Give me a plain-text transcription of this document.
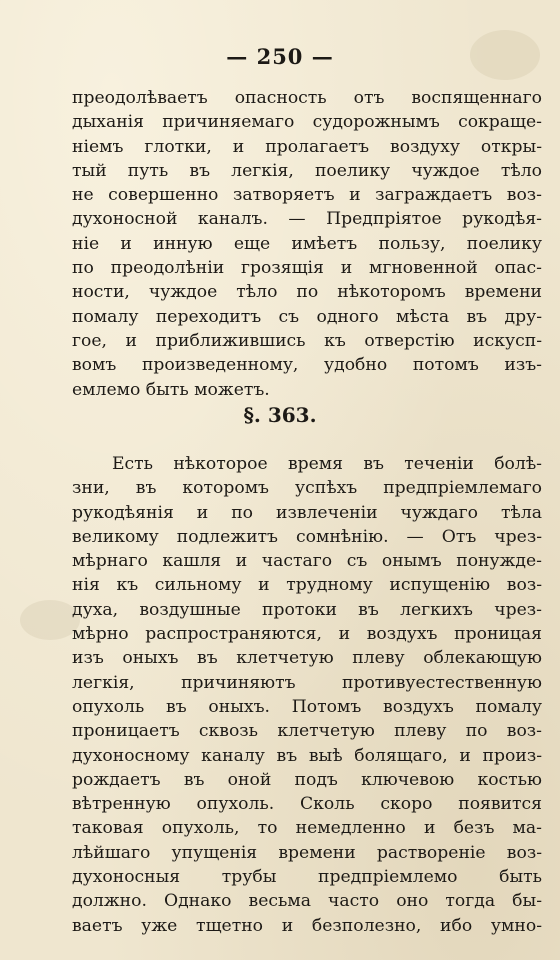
— 250 —
преодолѣваетъ опасность отъ воспященнаго
дыханія причиняемаго судорожнымъ сокраще-
ніемъ глотки, и пролагаетъ воздуху откры-
тый путь въ легкія, поелику чуждое тѣло
не совершенно затворяетъ и заграждаетъ воз-
духоносной каналъ. — Предпріятое рукодѣя-
ніе и инную еще имѣетъ пользу, поелику
по преодолѣніи грозящія и мгновенной опас-
ности, чуждое тѣло по нѣкоторомъ времени
помалу переходитъ съ одного мѣста въ дру-
гое, и приближившись къ отверстію искусп-
вомъ произведенному, удобно потомъ изъ-
емлемо быть можетъ.
§. 363.
Есть нѣкоторое время въ теченіи болѣ-
зни, въ которомъ успѣхъ предпріемлемаго
рукодѣянія и по извлеченіи чуждаго тѣла
великому подлежитъ сомнѣнію. — Отъ чрез-
мѣрнаго кашля и частаго съ онымъ понужде-
нія къ сильному и трудному испущенію воз-
духа, воздушные протоки въ легкихъ чрез-
мѣрно распространяются, и воздухъ проницая
изъ оныхъ въ клетчетую плеву облекающую
легкія, причиняютъ противуестественную
опухоль въ оныхъ. Потомъ воздухъ помалу
проницаетъ сквозь клетчетую плеву по воз-
духоносному каналу въ выѣ болящаго, и произ-
рождаетъ въ оной подъ ключевою костью
вѣтренную опухоль. Сколь скоро появится
таковая опухоль, то немедленно и безъ ма-
лѣйшаго упущенія времени раствореніе воз-
духоносныя трубы предпріемлемо быть
должно. Однако весьма часто оно тогда бы-
ваетъ уже тщетно и безполезно, ибо умно-
